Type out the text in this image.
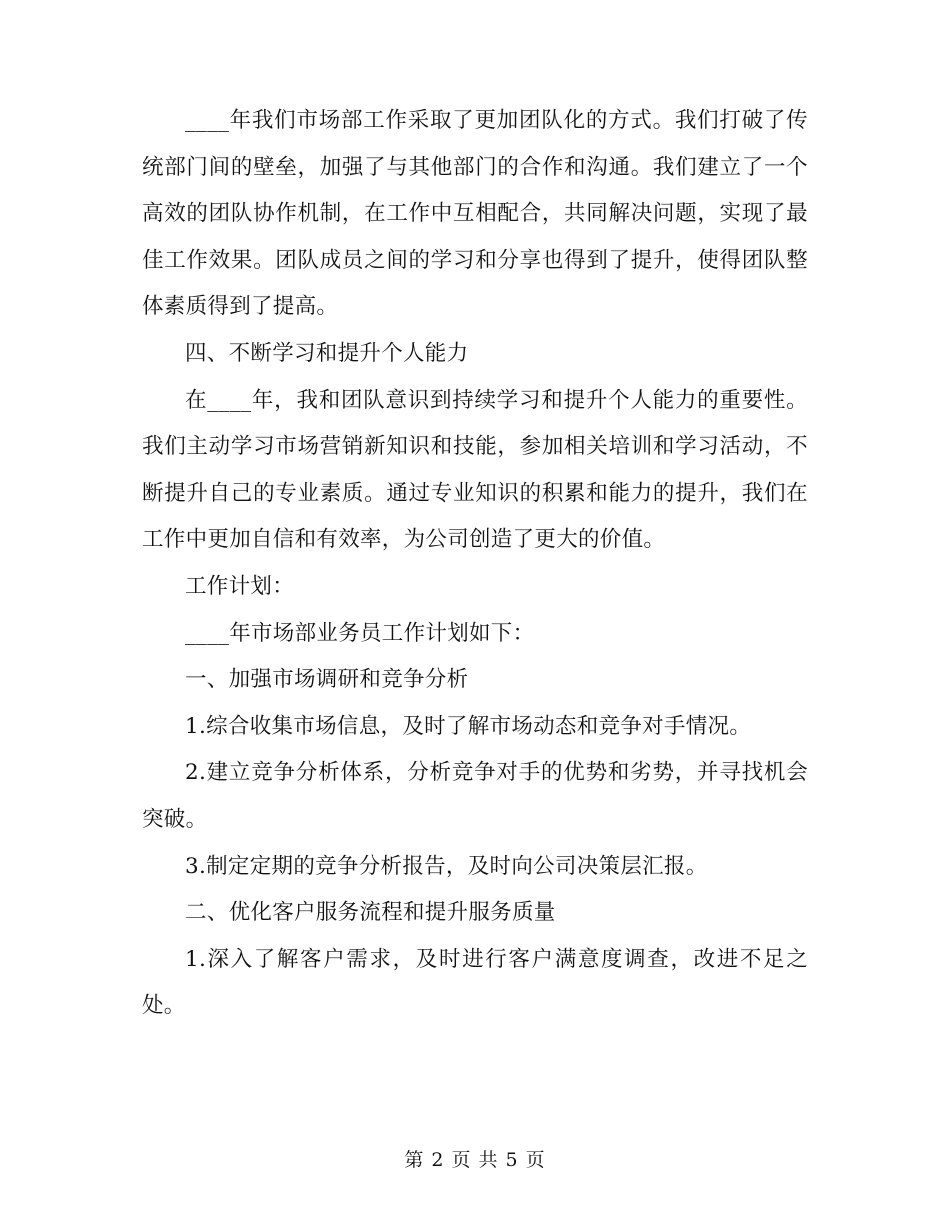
____年我们市场部工作采取了更加团队化的方式。我们打破了传统部门间的壁垒，加强了与其他部门的合作和沟通。我们建立了一个高效的团队协作机制，在工作中互相配合，共同解决问题，实现了最佳工作效果。团队成员之间的学习和分享也得到了提升，使得团队整体素质得到了提高。

四、不断学习和提升个人能力

在____年，我和团队意识到持续学习和提升个人能力的重要性。我们主动学习市场营销新知识和技能，参加相关培训和学习活动，不断提升自己的专业素质。通过专业知识的积累和能力的提升，我们在工作中更加自信和有效率，为公司创造了更大的价值。

工作计划：

____年市场部业务员工作计划如下：

一、加强市场调研和竞争分析

1.综合收集市场信息，及时了解市场动态和竞争对手情况。

2.建立竞争分析体系，分析竞争对手的优势和劣势，并寻找机会突破。

3.制定定期的竞争分析报告，及时向公司决策层汇报。

二、优化客户服务流程和提升服务质量

1.深入了解客户需求，及时进行客户满意度调查，改进不足之处。

第 2 页 共 5 页
